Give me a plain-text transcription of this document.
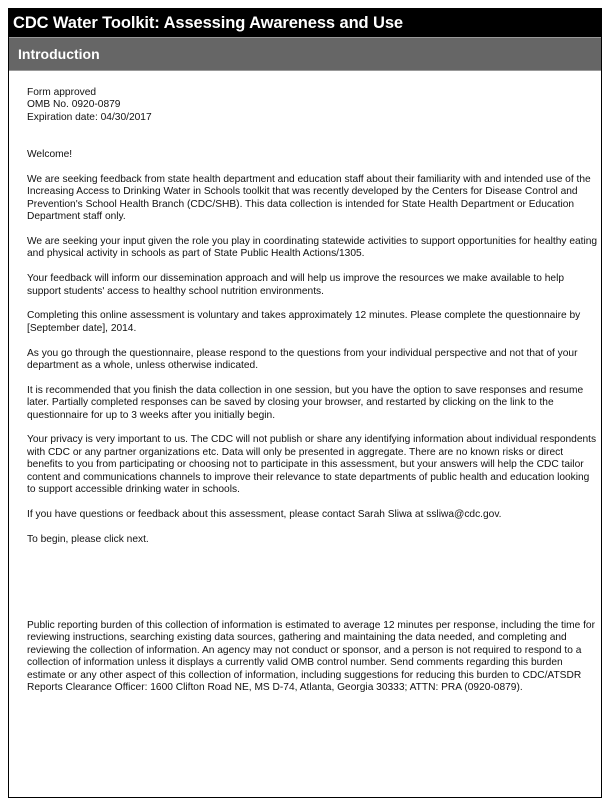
CDC Water Toolkit: Assessing Awareness and Use
Introduction

Form approved

OMB No. 0920-0879

Expiration date: 04/30/2017

Welcome!

We are seeking feedback from state health department and education staff about their familiarity with and intended use of the Increasing Access to Drinking Water in Schools toolkit that was recently developed by the Centers for Disease Control and Prevention's School Health Branch (CDC/SHB). This data collection is intended for State Health Department or Education Department staff only.

We are seeking your input given the role you play in coordinating statewide activities to support opportunities for healthy eating and physical activity in schools as part of State Public Health Actions/1305.

Your feedback will inform our dissemination approach and will help us improve the resources we make available to help support students' access to healthy school nutrition environments.

Completing this online assessment is voluntary and takes approximately 12 minutes. Please complete the questionnaire by [September date], 2014.

As you go through the questionnaire, please respond to the questions from your individual perspective and not that of your department as a whole, unless otherwise indicated.

It is recommended that you finish the data collection in one session, but you have the option to save responses and resume later. Partially completed responses can be saved by closing your browser, and restarted by clicking on the link to the questionnaire for up to 3 weeks after you initially begin.

Your privacy is very important to us. The CDC will not publish or share any identifying information about individual respondents with CDC or any partner organizations etc. Data will only be presented in aggregate. There are no known risks or direct benefits to you from participating or choosing not to participate in this assessment, but your answers will help the CDC tailor content and communications channels to improve their relevance to state departments of public health and education looking to support accessible drinking water in schools.

If you have questions or feedback about this assessment, please contact Sarah Sliwa at ssliwa@cdc.gov.

To begin, please click next.

Public reporting burden of this collection of information is estimated to average 12 minutes per response, including the time for reviewing instructions, searching existing data sources, gathering and maintaining the data needed, and completing and reviewing the collection of information. An agency may not conduct or sponsor, and a person is not required to respond to a collection of information unless it displays a currently valid OMB control number. Send comments regarding this burden estimate or any other aspect of this collection of information, including suggestions for reducing this burden to CDC/ATSDR Reports Clearance Officer: 1600 Clifton Road NE, MS D-74, Atlanta, Georgia 30333; ATTN: PRA (0920-0879).
